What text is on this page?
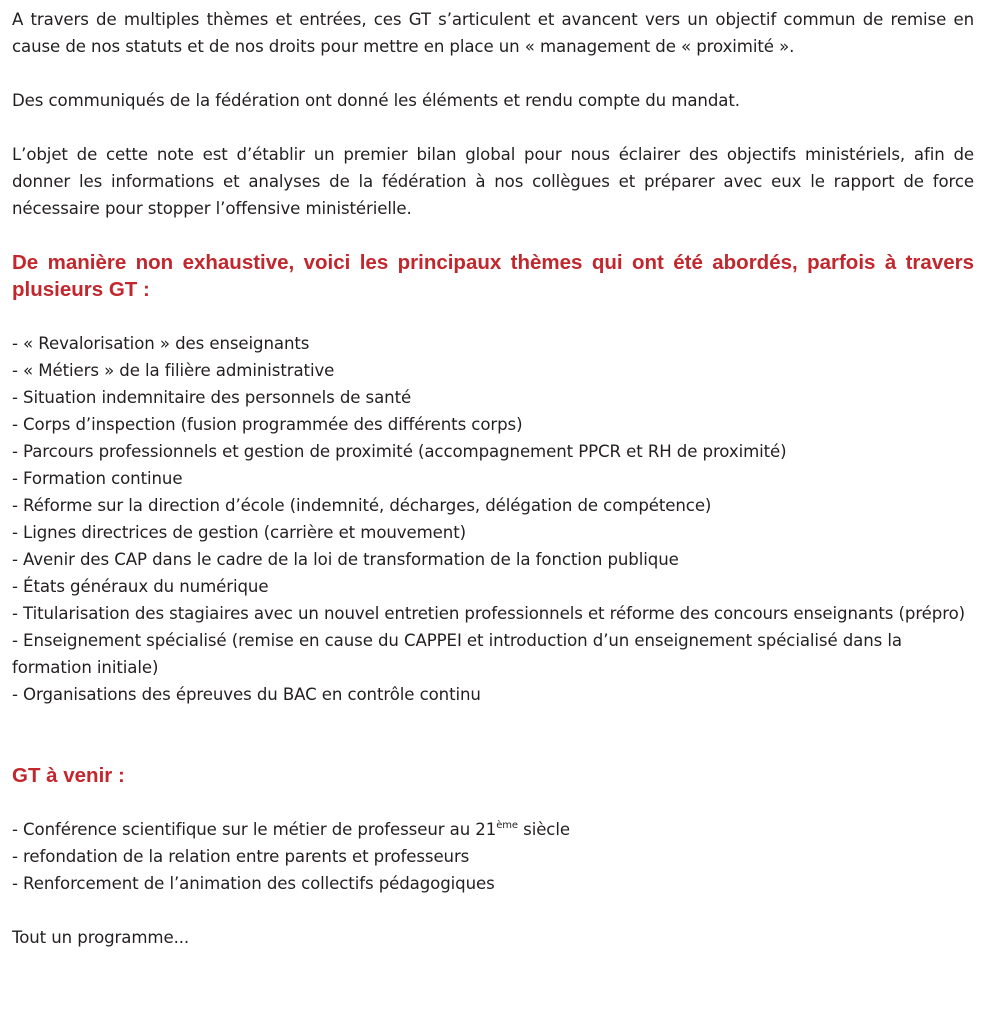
A travers de multiples thèmes et entrées, ces GT s’articulent et avancent vers un objectif commun de remise en cause de nos statuts et de nos droits pour mettre en place un « management de « proximité ».

Des communiqués de la fédération ont donné les éléments et rendu compte du mandat.

L’objet de cette note est d’établir un premier bilan global pour nous éclairer des objectifs ministériels, afin de donner les informations et analyses de la fédération à nos collègues et préparer avec eux le rapport de force nécessaire pour stopper l’offensive ministérielle.

De manière non exhaustive, voici les principaux thèmes qui ont été abordés, parfois à travers plusieurs GT :
- « Revalorisation » des enseignants
- « Métiers » de la filière administrative
- Situation indemnitaire des personnels de santé
- Corps d’inspection (fusion programmée des différents corps)
- Parcours professionnels et gestion de proximité (accompagnement PPCR et RH de proximité)
- Formation continue
- Réforme sur la direction d’école (indemnité, décharges, délégation de compétence)
- Lignes directrices de gestion (carrière et mouvement)
- Avenir des CAP dans le cadre de la loi de transformation de la fonction publique
- États généraux du numérique
- Titularisation des stagiaires avec un nouvel entretien professionnels et réforme des concours enseignants (prépro)
- Enseignement spécialisé (remise en cause du CAPPEI et introduction d’un enseignement spécialisé dans la formation initiale)
- Organisations des épreuves du BAC en contrôle continu
GT à venir :
- Conférence scientifique sur le métier de professeur au 21ème siècle
- refondation de la relation entre parents et professeurs
- Renforcement de l’animation des collectifs pédagogiques

Tout un programme...
